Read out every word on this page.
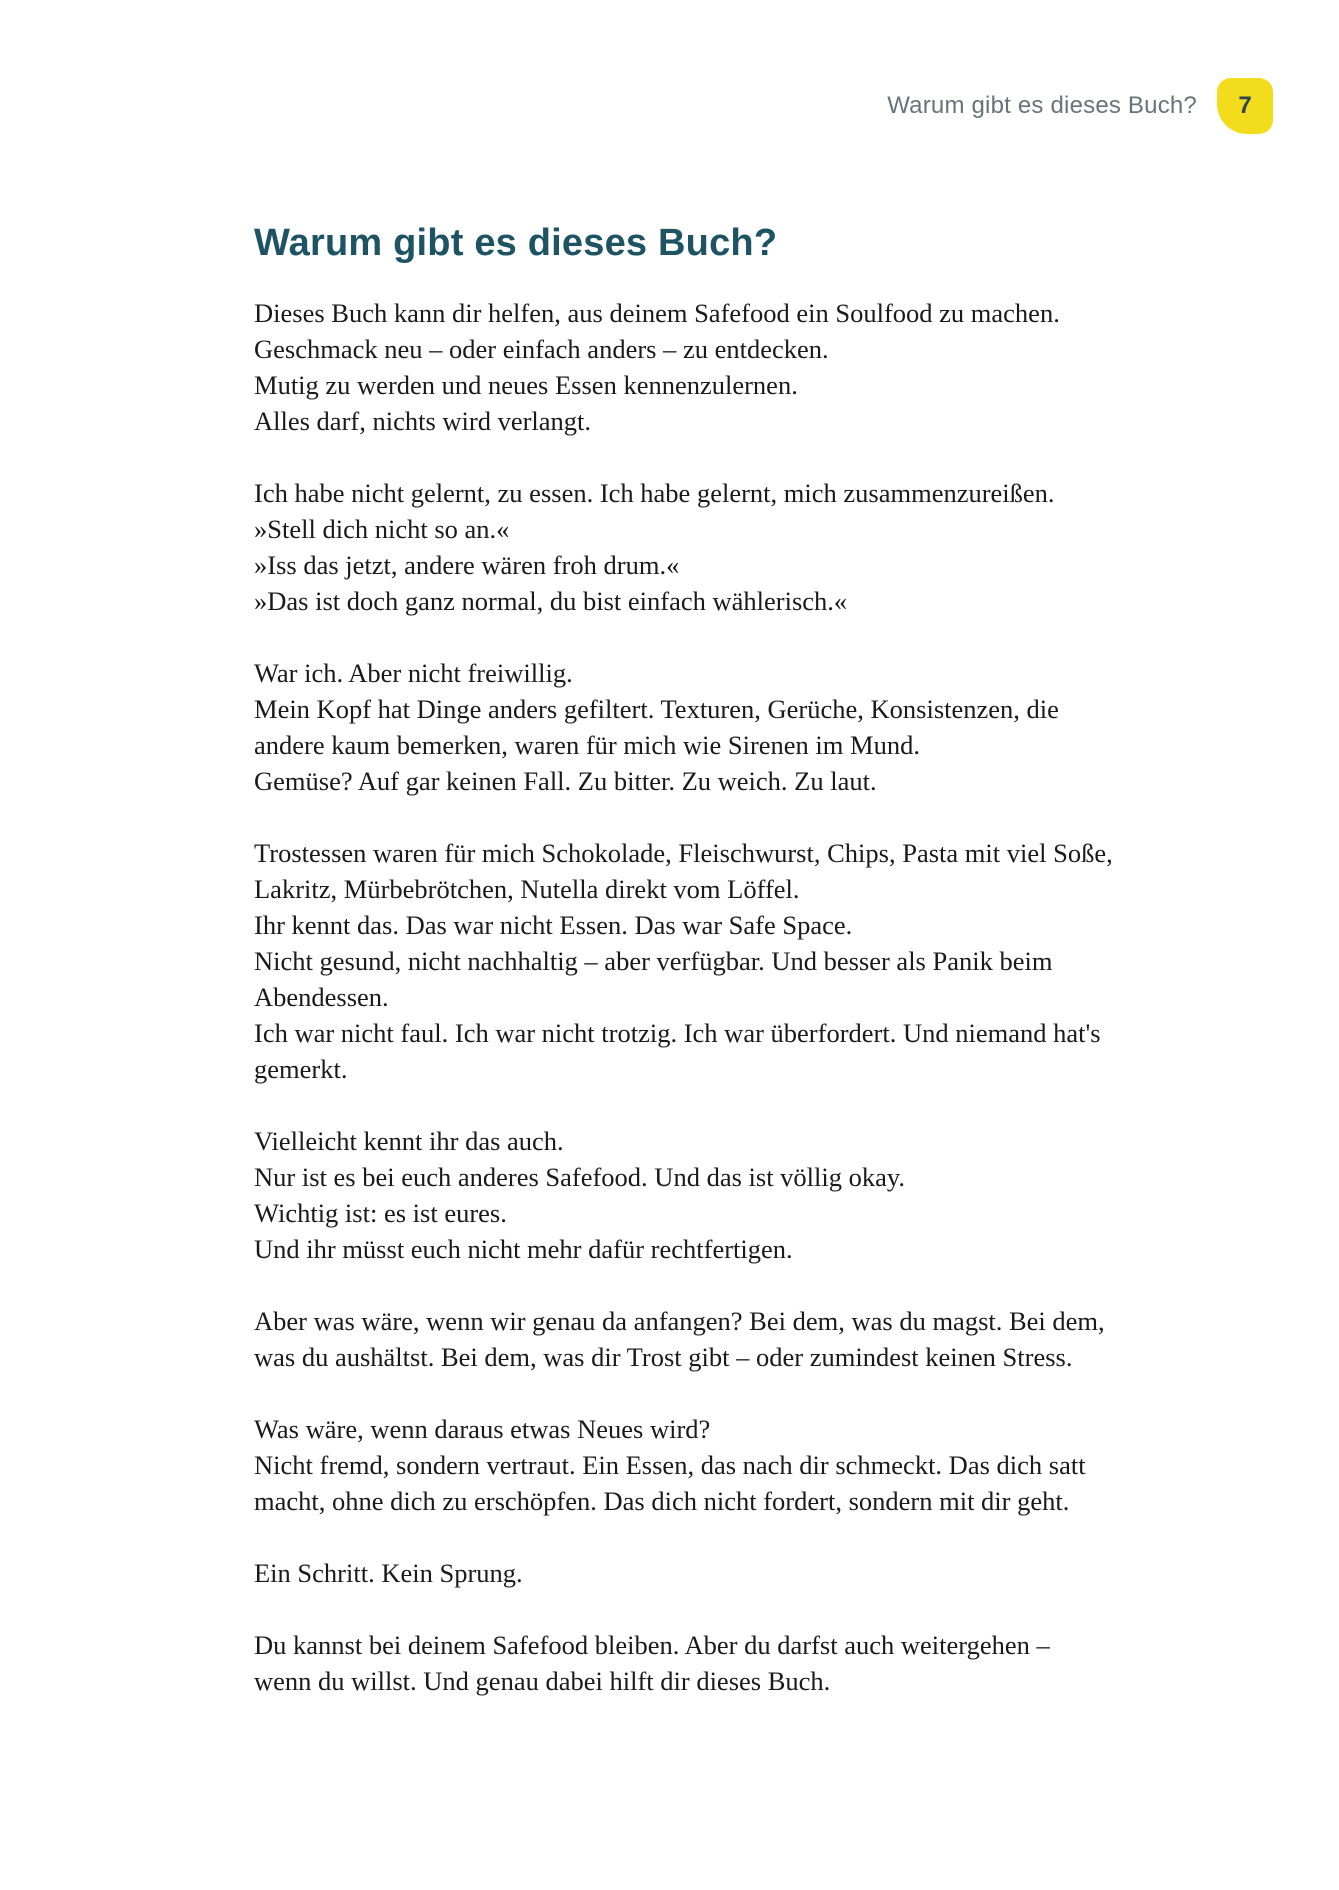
Warum gibt es dieses Buch?	7
Warum gibt es dieses Buch?
Dieses Buch kann dir helfen, aus deinem Safefood ein Soulfood zu machen.
Geschmack neu – oder einfach anders – zu entdecken.
Mutig zu werden und neues Essen kennenzulernen.
Alles darf, nichts wird verlangt.
Ich habe nicht gelernt, zu essen. Ich habe gelernt, mich zusammenzureißen.
»Stell dich nicht so an.«
»Iss das jetzt, andere wären froh drum.«
»Das ist doch ganz normal, du bist einfach wählerisch.«
War ich. Aber nicht freiwillig.
Mein Kopf hat Dinge anders gefiltert. Texturen, Gerüche, Konsistenzen, die
andere kaum bemerken, waren für mich wie Sirenen im Mund.
Gemüse? Auf gar keinen Fall. Zu bitter. Zu weich. Zu laut.
Trostessen waren für mich Schokolade, Fleischwurst, Chips, Pasta mit viel Soße,
Lakritz, Mürbebrötchen, Nutella direkt vom Löffel.
Ihr kennt das. Das war nicht Essen. Das war Safe Space.
Nicht gesund, nicht nachhaltig – aber verfügbar. Und besser als Panik beim
Abendessen.
Ich war nicht faul. Ich war nicht trotzig. Ich war überfordert. Und niemand hat's
gemerkt.
Vielleicht kennt ihr das auch.
Nur ist es bei euch anderes Safefood. Und das ist völlig okay.
Wichtig ist: es ist eures.
Und ihr müsst euch nicht mehr dafür rechtfertigen.
Aber was wäre, wenn wir genau da anfangen? Bei dem, was du magst. Bei dem,
was du aushältst. Bei dem, was dir Trost gibt – oder zumindest keinen Stress.
Was wäre, wenn daraus etwas Neues wird?
Nicht fremd, sondern vertraut. Ein Essen, das nach dir schmeckt. Das dich satt
macht, ohne dich zu erschöpfen. Das dich nicht fordert, sondern mit dir geht.
Ein Schritt. Kein Sprung.
Du kannst bei deinem Safefood bleiben. Aber du darfst auch weitergehen –
wenn du willst. Und genau dabei hilft dir dieses Buch.
